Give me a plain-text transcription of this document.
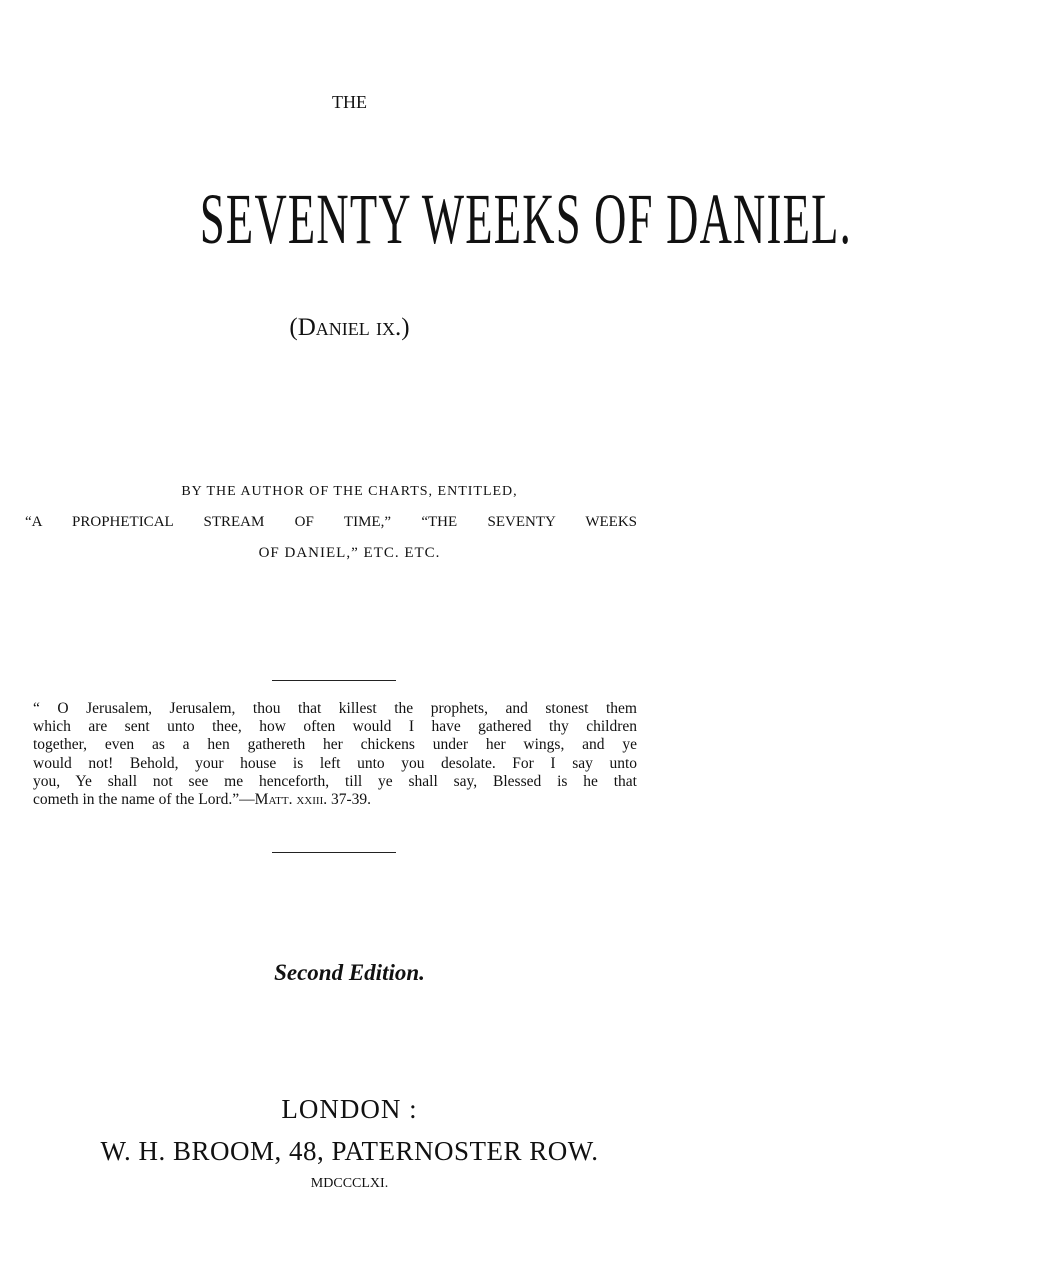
THE
SEVENTY WEEKS OF DANIEL.
(Daniel ix.)
BY THE AUTHOR OF THE CHARTS, ENTITLED,
“A PROPHETICAL STREAM OF TIME,” “THE SEVENTY WEEKS
OF DANIEL,” ETC. ETC.
“ O Jerusalem, Jerusalem, thou that killest the prophets, and stonest them
which are sent unto thee, how often would I have gathered thy children
together, even as a hen gathereth her chickens under her wings, and ye
would not! Behold, your house is left unto you desolate. For I say unto
you, Ye shall not see me henceforth, till ye shall say, Blessed is he that
cometh in the name of the Lord.”—Matt. xxiii. 37-39.
Second Edition.
LONDON :
W. H. BROOM, 48, PATERNOSTER ROW.
MDCCCLXI.
